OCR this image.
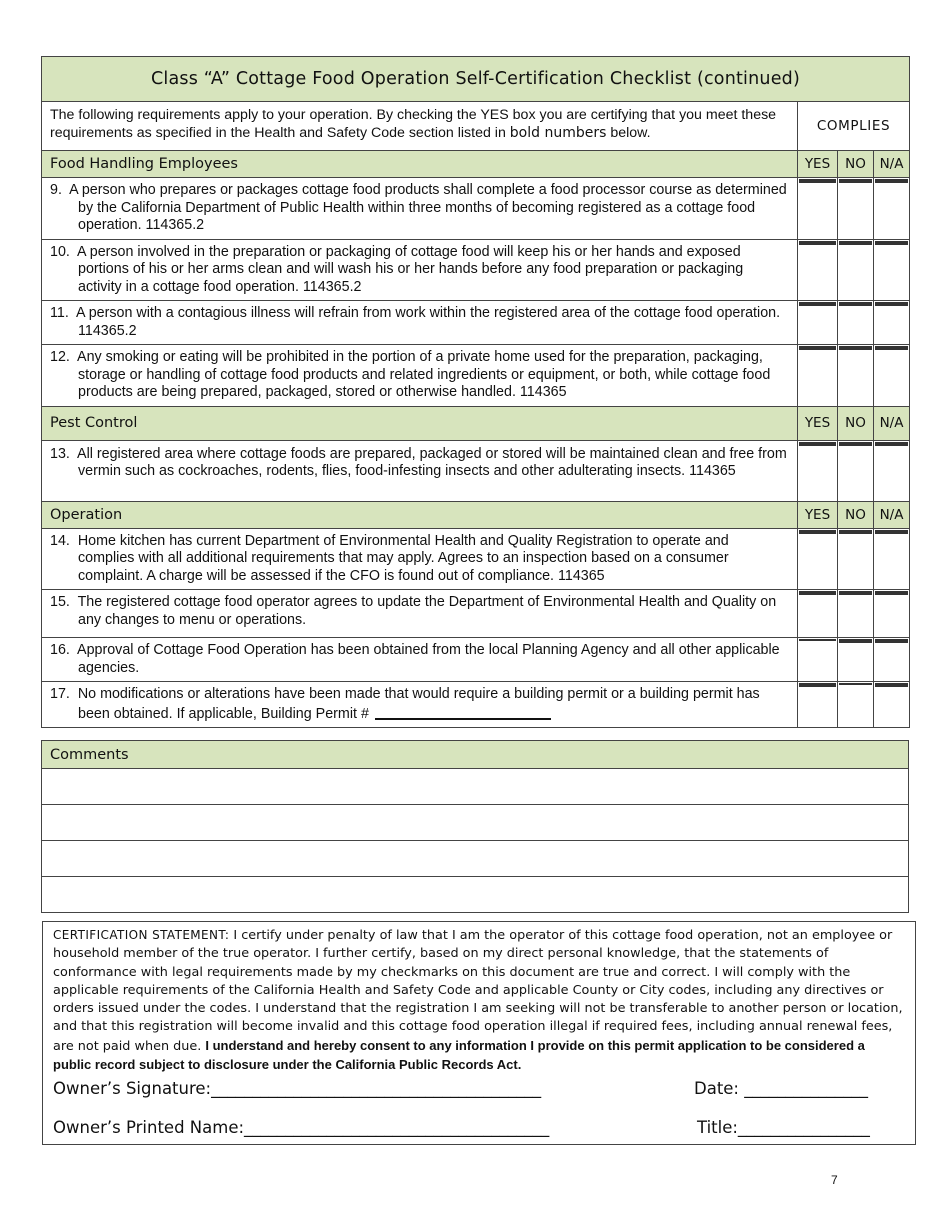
Class “A” Cottage Food Operation Self-Certification Checklist (continued)			
The following requirements apply to your operation. By checking the YES box you are certifying that you meet these requirements as specified in the Health and Safety Code section listed in bold numbers below.	COMPLIES		
Food Handling Employees	YES	NO	N/A

9. A person who prepares or packages cottage food products shall complete a food processor course as determined by the California Department of Public Health within three months of becoming registered as a cottage food operation. 114365.2			

10. A person involved in the preparation or packaging of cottage food will keep his or her hands and exposed portions of his or her arms clean and will wash his or her hands before any food preparation or packaging activity in a cottage food operation. 114365.2			

11. A person with a contagious illness will refrain from work within the registered area of the cottage food operation. 114365.2			

12. Any smoking or eating will be prohibited in the portion of a private home used for the preparation, packaging, storage or handling of cottage food products and related ingredients or equipment, or both, while cottage food products are being prepared, packaged, stored or otherwise handled. 114365			

Pest Control	YES	NO	N/A

13. All registered area where cottage foods are prepared, packaged or stored will be maintained clean and free from vermin such as cockroaches, rodents, flies, food-infesting insects and other adulterating insects. 114365			

Operation	YES	NO	N/A

14. Home kitchen has current Department of Environmental Health and Quality Registration to operate and complies with all additional requirements that may apply. Agrees to an inspection based on a consumer complaint. A charge will be assessed if the CFO is found out of compliance. 114365			

15. The registered cottage food operator agrees to update the Department of Environmental Health and Quality on any changes to menu or operations.			

16. Approval of Cottage Food Operation has been obtained from the local Planning Agency and all other applicable agencies.			

17. No modifications or alterations have been made that would require a building permit or a building permit has been obtained. If applicable, Building Permit #			

Comments

CERTIFICATION STATEMENT: I certify under penalty of law that I am the operator of this cottage food operation, not an employee or household member of the true operator. I further certify, based on my direct personal knowledge, that the statements of conformance with legal requirements made by my checkmarks on this document are true and correct. I will comply with the applicable requirements of the California Health and Safety Code and applicable County or City codes, including any directives or orders issued under the codes. I understand that the registration I am seeking will not be transferable to another person or location, and that this registration will become invalid and this cottage food operation illegal if required fees, including annual renewal fees, are not paid when due. I understand and hereby consent to any information I provide on this permit application to be considered a public record subject to disclosure under the California Public Records Act.
Owner’s Signature:________________________________________	Date: _______________
Owner’s Printed Name:_____________________________________	Title:________________
7
